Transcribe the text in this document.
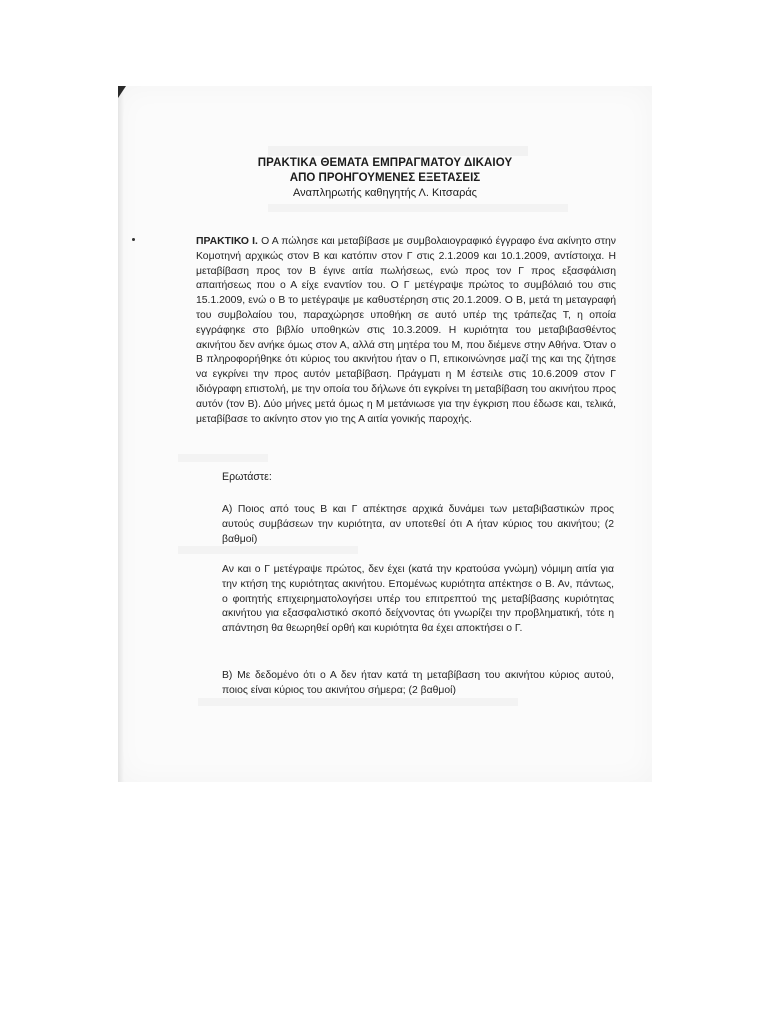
ΠΡΑΚΤΙΚΑ ΘΕΜΑΤΑ ΕΜΠΡΑΓΜΑΤΟΥ ΔΙΚΑΙΟΥ
ΑΠΟ ΠΡΟΗΓΟΥΜΕΝΕΣ ΕΞΕΤΑΣΕΙΣ
Αναπληρωτής καθηγητής Λ. Κιτσαράς
ΠΡΑΚΤΙΚΟ Ι. Ο Α πώλησε και μεταβίβασε με συμβολαιογραφικό έγγραφο ένα ακίνητο στην Κομοτηνή αρχικώς στον Β και κατόπιν στον Γ στις 2.1.2009 και 10.1.2009, αντίστοιχα. Η μεταβίβαση προς τον Β έγινε αιτία πωλήσεως, ενώ προς τον Γ προς εξασφάλιση απαιτήσεως που ο Α είχε εναντίον του. Ο Γ μετέγραψε πρώτος το συμβόλαιό του στις 15.1.2009, ενώ ο Β το μετέγραψε με καθυστέρηση στις 20.1.2009. Ο Β, μετά τη μεταγραφή του συμβολαίου του, παραχώρησε υποθήκη σε αυτό υπέρ της τράπεζας Τ, η οποία εγγράφηκε στο βιβλίο υποθηκών στις 10.3.2009. Η κυριότητα του μεταβιβασθέντος ακινήτου δεν ανήκε όμως στον Α, αλλά στη μητέρα του Μ, που διέμενε στην Αθήνα. Όταν ο Β πληροφορήθηκε ότι κύριος του ακινήτου ήταν ο Π, επικοινώνησε μαζί της και της ζήτησε να εγκρίνει την προς αυτόν μεταβίβαση. Πράγματι η Μ έστειλε στις 10.6.2009 στον Γ ιδιόγραφη επιστολή, με την οποία του δήλωνε ότι εγκρίνει τη μεταβίβαση του ακινήτου προς αυτόν (τον Β). Δύο μήνες μετά όμως η Μ μετάνιωσε για την έγκριση που έδωσε και, τελικά, μεταβίβασε το ακίνητο στον γιο της Α αιτία γονικής παροχής.
Ερωτάστε:
Α) Ποιος από τους Β και Γ απέκτησε αρχικά δυνάμει των μεταβιβαστικών προς αυτούς συμβάσεων την κυριότητα, αν υποτεθεί ότι Α ήταν κύριος του ακινήτου; (2 βαθμοί)
Αν και ο Γ μετέγραψε πρώτος, δεν έχει (κατά την κρατούσα γνώμη) νόμιμη αιτία για την κτήση της κυριότητας ακινήτου. Επομένως κυριότητα απέκτησε ο Β. Αν, πάντως, ο φοιτητής επιχειρηματολογήσει υπέρ του επιτρεπτού της μεταβίβασης κυριότητας ακινήτου για εξασφαλιστικό σκοπό δείχνοντας ότι γνωρίζει την προβληματική, τότε η απάντηση θα θεωρηθεί ορθή και κυριότητα θα έχει αποκτήσει ο Γ.
Β) Με δεδομένο ότι ο Α δεν ήταν κατά τη μεταβίβαση του ακινήτου κύριος αυτού, ποιος είναι κύριος του ακινήτου σήμερα; (2 βαθμοί)
